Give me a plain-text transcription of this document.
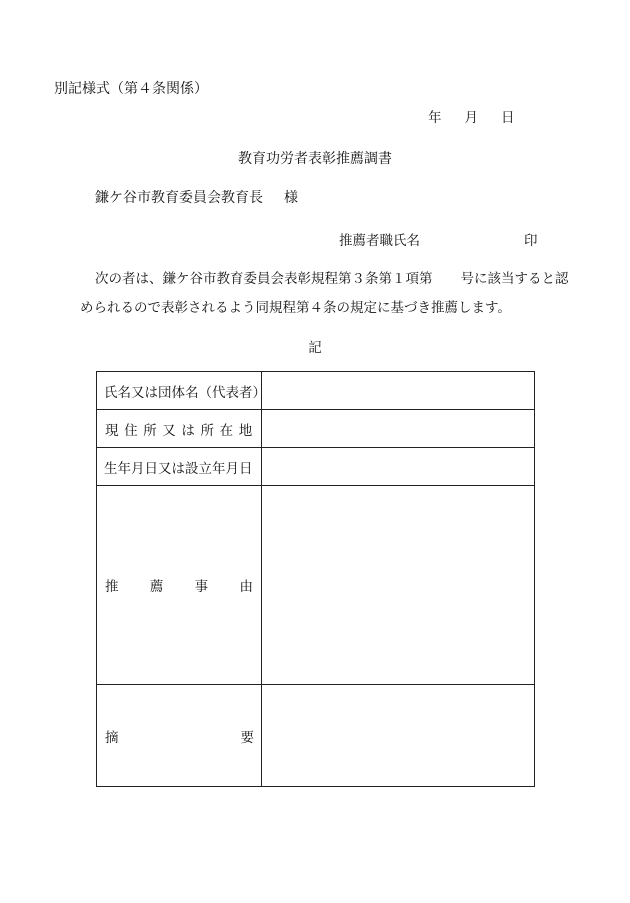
別記様式（第４条関係）
年 月 日
教育功労者表彰推薦調書
鎌ケ谷市教育委員会教育長 様
推薦者職氏名	印
次の者は、鎌ケ谷市教育委員会表彰規程第３条第１項第 号に該当すると認
められるので表彰されるよう同規程第４条の規定に基づき推薦します。
記
氏名又は団体名（代表者）	

現住所又は所在地	

生年月日又は設立年月日	

推 薦 事 由	

摘 要	
